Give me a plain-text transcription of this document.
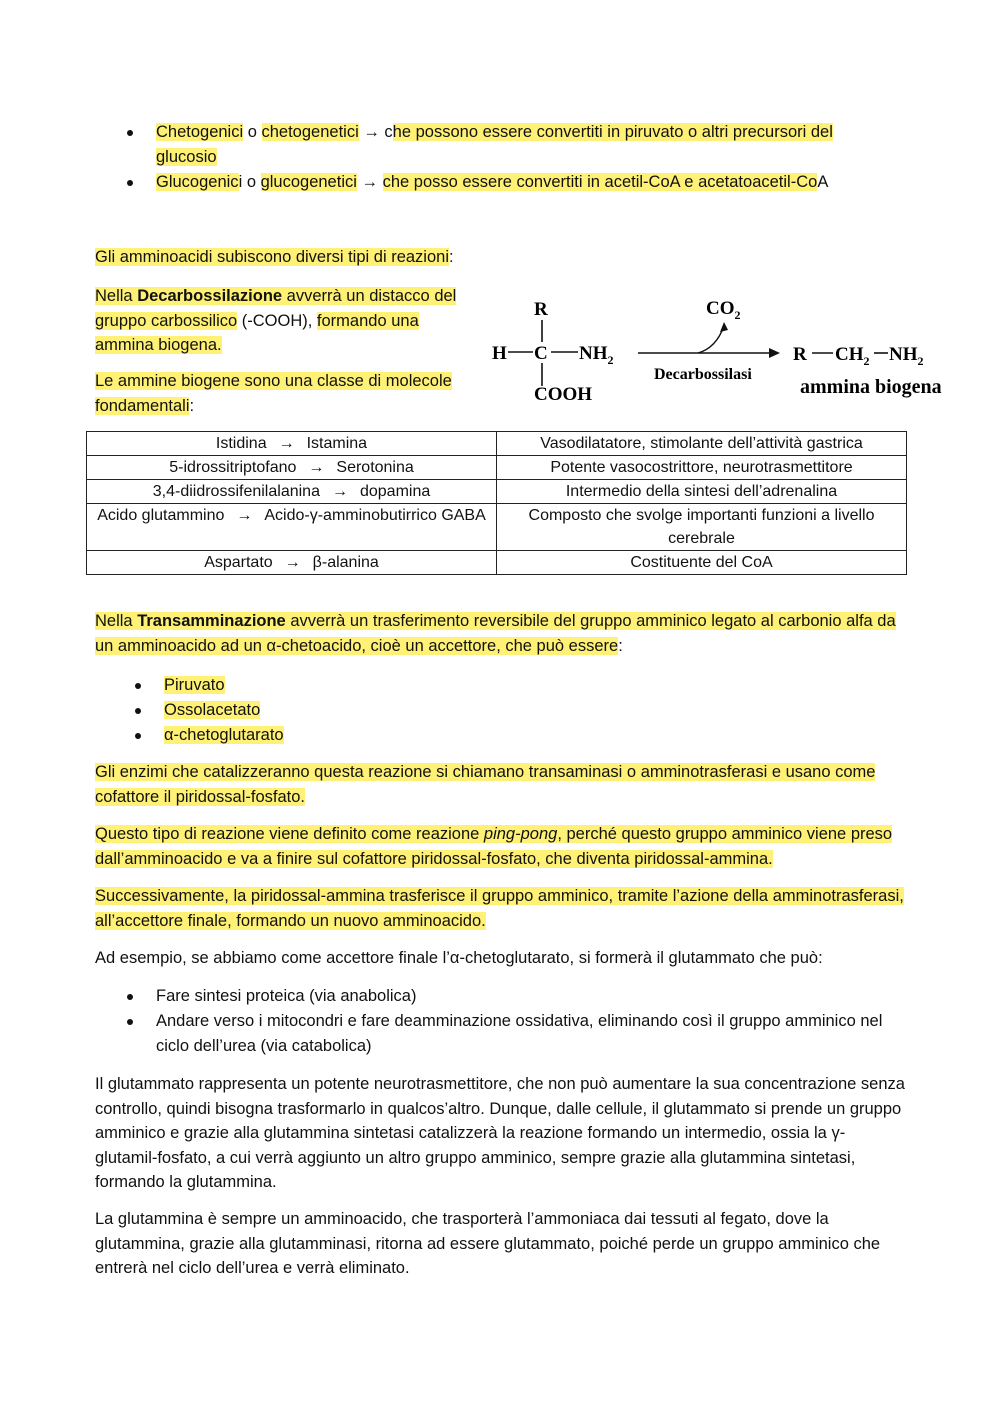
Chetogenici o chetogenetici → che possono essere convertiti in piruvato o altri precursori del glucosio
Glucogenici o glucogenetici → che posso essere convertiti in acetil-CoA e acetatoacetil-CoA

Gli amminoacidi subiscono diversi tipi di reazioni:

Nella Decarbossilazione avverrà un distacco del gruppo carbossilico (-COOH), formando una ammina biogena.

Le ammine biogene sono una classe di molecole fondamentali:

R
H C $NH_2$
COOH
$CO_2$
Decarbossilasi
R $CH_2$ $NH_2$
ammina biogena
Istidina → Istamina	Vasodilatatore, stimolante dell’attività gastrica
5-idrossitriptofano → Serotonina	Potente vasocostrittore, neurotrasmettitore
3,4-diidrossifenilalanina → dopamina	Intermedio della sintesi dell’adrenalina
Acido glutammino → Acido-γ-amminobutirrico GABA	Composto che svolge importanti funzioni a livello cerebrale
Aspartato → β-alanina	Costituente del CoA

Nella Transamminazione avverrà un trasferimento reversibile del gruppo amminico legato al carbonio alfa da un amminoacido ad un α-chetoacido, cioè un accettore, che può essere:

Piruvato
Ossolacetato
α-chetoglutarato

Gli enzimi che catalizzeranno questa reazione si chiamano transaminasi o amminotrasferasi e usano come cofattore il piridossal-fosfato.

Questo tipo di reazione viene definito come reazione ping-pong, perché questo gruppo amminico viene preso dall’amminoacido e va a finire sul cofattore piridossal-fosfato, che diventa piridossal-ammina.

Successivamente, la piridossal-ammina trasferisce il gruppo amminico, tramite l’azione della amminotrasferasi, all’accettore finale, formando un nuovo amminoacido.

Ad esempio, se abbiamo come accettore finale l’α-chetoglutarato, si formerà il glutammato che può:

Fare sintesi proteica (via anabolica)
Andare verso i mitocondri e fare deamminazione ossidativa, eliminando così il gruppo amminico nel ciclo dell’urea (via catabolica)

Il glutammato rappresenta un potente neurotrasmettitore, che non può aumentare la sua concentrazione senza controllo, quindi bisogna trasformarlo in qualcos’altro. Dunque, dalle cellule, il glutammato si prende un gruppo amminico e grazie alla glutammina sintetasi catalizzerà la reazione formando un intermedio, ossia la γ-glutamil-fosfato, a cui verrà aggiunto un altro gruppo amminico, sempre grazie alla glutammina sintetasi, formando la glutammina.

La glutammina è sempre un amminoacido, che trasporterà l’ammoniaca dai tessuti al fegato, dove la glutammina, grazie alla glutamminasi, ritorna ad essere glutammato, poiché perde un gruppo amminico che entrerà nel ciclo dell’urea e verrà eliminato.
